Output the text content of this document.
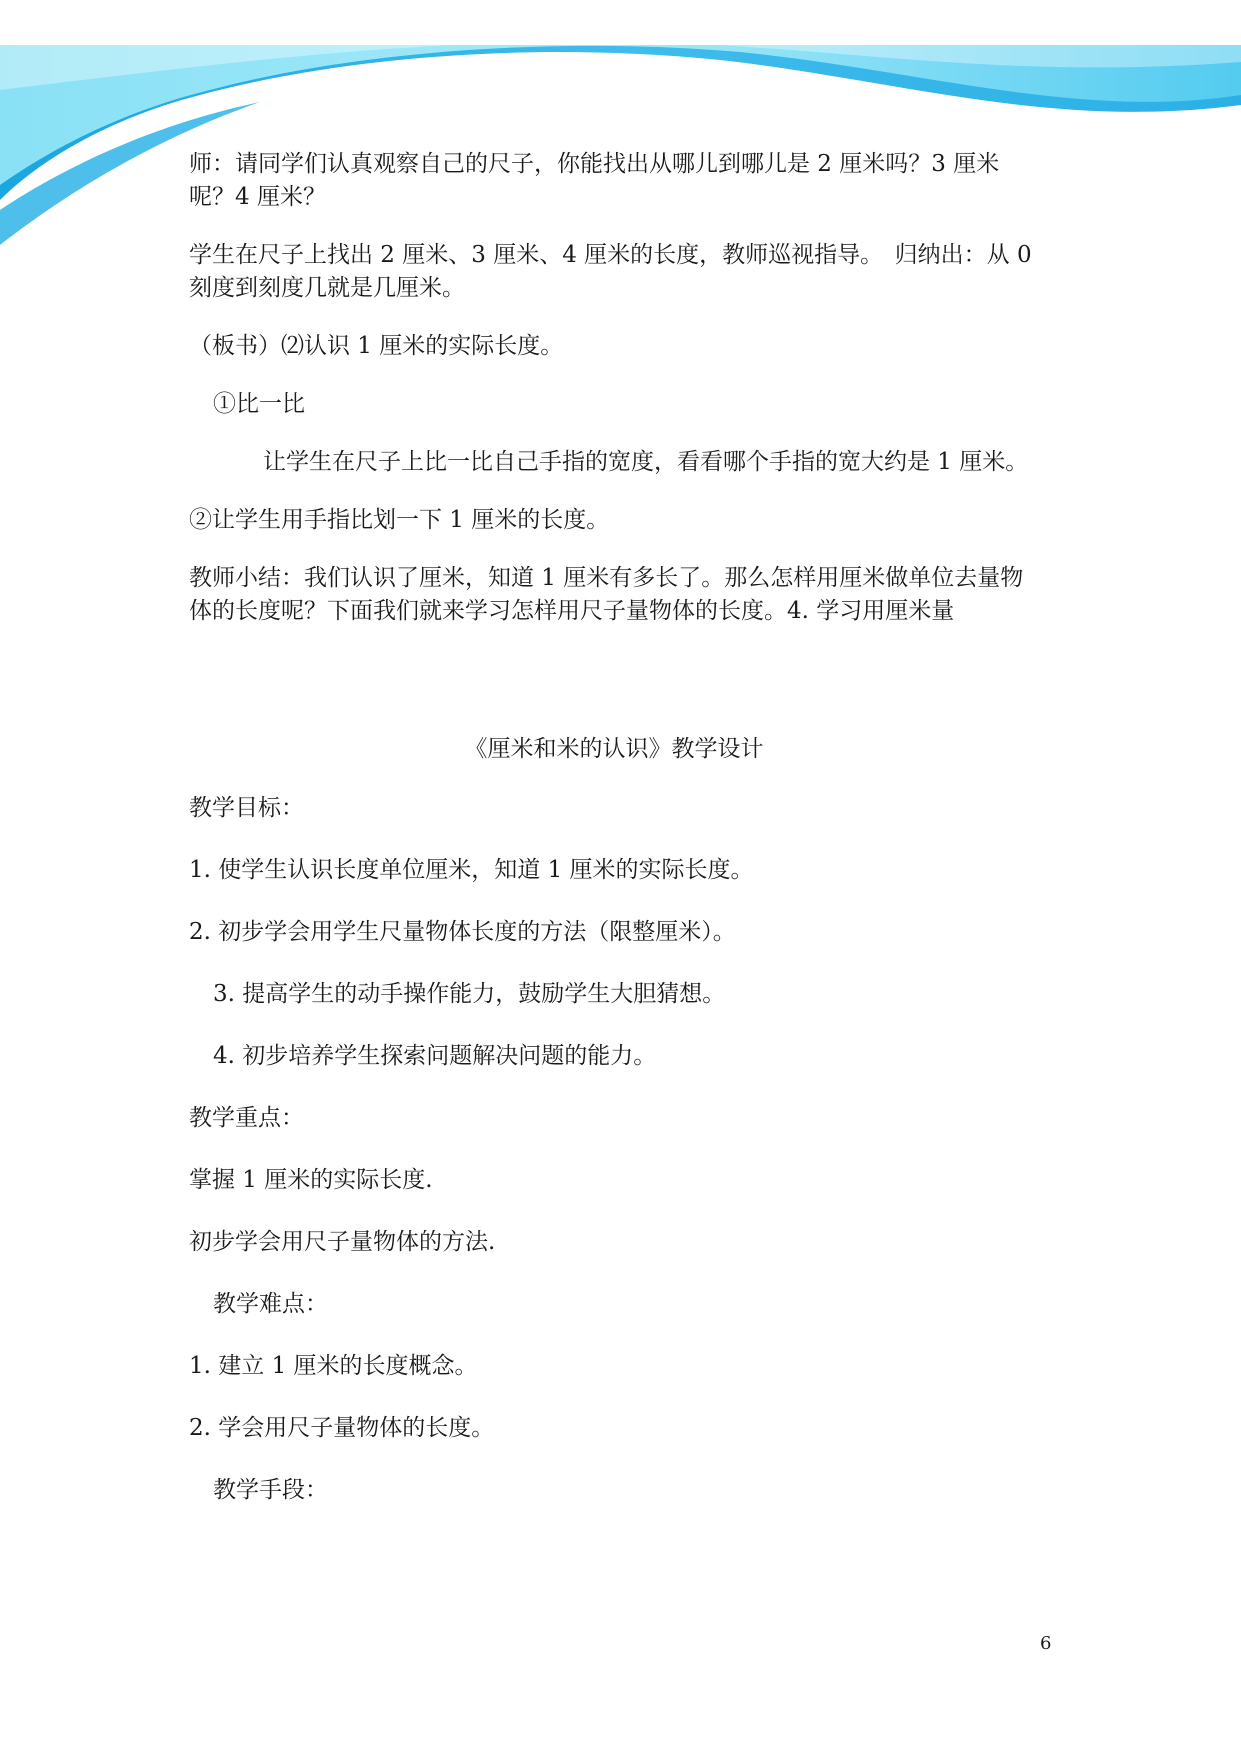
师：请同学们认真观察自己的尺子，你能找出从哪儿到哪儿是 2 厘米吗？3 厘米呢？4 厘米？

学生在尺子上找出 2 厘米、3 厘米、4 厘米的长度，教师巡视指导。　归纳出：从 0 刻度到刻度几就是几厘米。

（板书）⑵认识 1 厘米的实际长度。

①比一比

让学生在尺子上比一比自己手指的宽度，看看哪个手指的宽大约是 1 厘米。

②让学生用手指比划一下 1 厘米的长度。

教师小结：我们认识了厘米，知道 1 厘米有多长了。那么怎样用厘米做单位去量物体的长度呢？下面我们就来学习怎样用尺子量物体的长度。4. 学习用厘米量

《厘米和米的认识》教学设计

教学目标：

1. 使学生认识长度单位厘米，知道 1 厘米的实际长度。

2. 初步学会用学生尺量物体长度的方法（限整厘米）。

3. 提高学生的动手操作能力，鼓励学生大胆猜想。

4. 初步培养学生探索问题解决问题的能力。

教学重点：

掌握 1 厘米的实际长度.

初步学会用尺子量物体的方法.

教学难点：

1. 建立 1 厘米的长度概念。

2. 学会用尺子量物体的长度。

教学手段：

6
